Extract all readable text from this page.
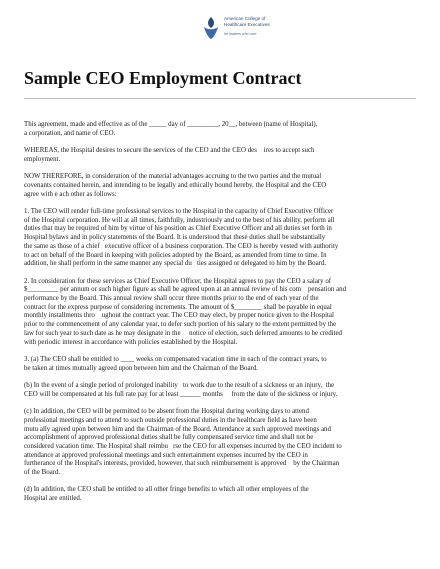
American College of
Healthcare Executives
for leaders who care
Sample CEO Employment Contract

This agreement, made and effective as of the _____ day of _________, 20__, between (name of Hospital),
a corporation, and name of CEO.

WHEREAS, the Hospital desires to secure the services of the CEO and the CEO des    ires to accept such
employment.

NOW THEREFORE, in consideration of the material advantages accruing to the two parties and the mutual
covenants contained herein, and intending to be legally and ethically bound hereby, the Hospital and the CEO
agree with e ach other as follows:

1. The CEO will render full-time professional services to the Hospital in the capacity of Chief Executive Officer
of the Hospital corporation. He will at all times, faithfully, industriously and to the best of his ability, perform all
duties that may be required of him by virtue of his position as Chief Executive Officer and all duties set forth in
Hospital bylaws and in policy statements of the Board. It is understood that these duties shall be substantially
the same as those of a chief   executive officer of a business corporation. The CEO is hereby vested with authority
to act on behalf of the Board in keeping with policies adopted by the Board, as amended from time to time. In
addition, he shall perform in the same manner any special du   ties assigned or delegated to him by the Board.

2. In consideration for these services as Chief Executive Officer, the Hospital agrees to pay the CEO a salary of
$_________ per annum or such higher figure as shall be agreed upon at an annual review of his com    pensation and
performance by the Board. This annual review shall occur three months prior to the end of each year of the
contract for the express purpose of considering increments. The amount of $________ shall be payable in equal
monthly installments thro    ughout the contract year. The CEO may elect, by proper notice given to the Hospital
prior to the commencement of any calendar year, to defer such portion of his salary to the extent permitted by the
law for such year to such date as he may designate in the     notice of election, such deferred amounts to be credited
with periodic interest in accordance with policies established by the Hospital.

3. (a) The CEO shall be entitled to ____ weeks on compensated vacation time in each of the contract years, to
be taken at times mutually agreed upon between him and the Chairman of the Board.

(b) In the event of a single period of prolonged inability   to work due to the result of a sickness or an injury,  the
CEO will be compensated at his full rate pay for at least ______ months     from the date of the sickness or injury.

(c) In addition, the CEO will be permitted to be absent from the Hospital during working days to attend
professional meetings and to attend to such outside professional duties in the healthcare field as have been
mutu ally agreed upon between him and the Chairman of the Board. Attendance at such approved meetings and
accomplishment of approved professional duties shall be fully compensated service time and shall not be
considered vacation time. The Hospital shall reimbu   rse the CEO for all expenses incurred by the CEO incident to
attendance at approved professional meetings and such entertainment expenses incurred by the CEO in
furtherance of the Hospital's interests, provided, however, that such reimbursement is approved    by the Chairman
of the Board.

(d) In addition, the CEO shall be entitled to all other fringe benefits to which all other employees of the
Hospital are entitled.
